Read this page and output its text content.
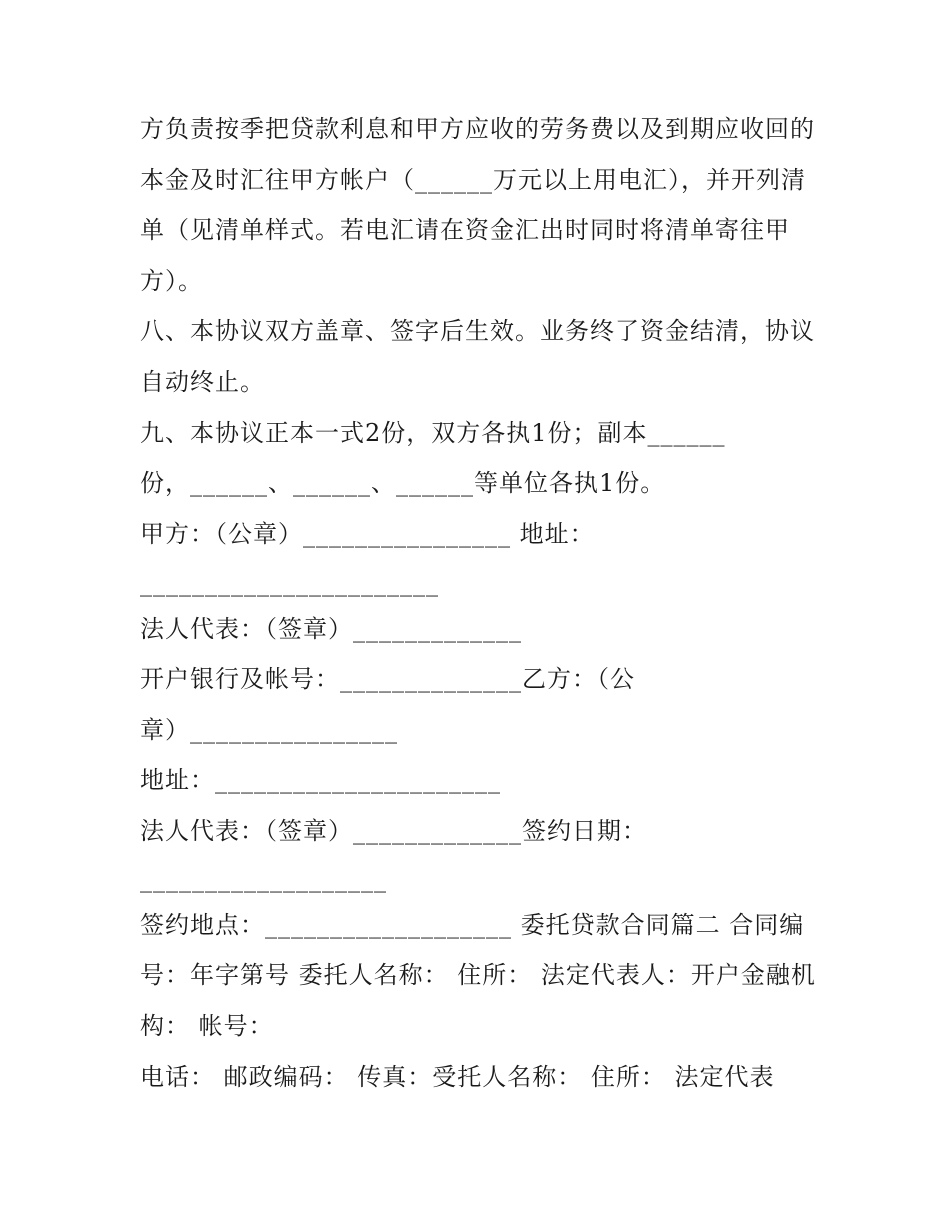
方负责按季把贷款利息和甲方应收的劳务费以及到期应收回的
本金及时汇往甲方帐户（______万元以上用电汇），并开列清
单（见清单样式。若电汇请在资金汇出时同时将清单寄往甲
方）。
八、本协议双方盖章、签字后生效。业务终了资金结清，协议
自动终止。
九、本协议正本一式2份，双方各执1份；副本______
份，______、______、______等单位各执1份。
甲方：（公章）________________ 地址：
_______________________
法人代表：（签章）_____________
开户银行及帐号：______________乙方：（公
章）________________
地址：______________________
法人代表：（签章）_____________签约日期：
___________________
签约地点：___________________ 委托贷款合同篇二 合同编
号：年字第号 委托人名称： 住所： 法定代表人：开户金融机
构： 帐号：
电话： 邮政编码： 传真：受托人名称： 住所： 法定代表
